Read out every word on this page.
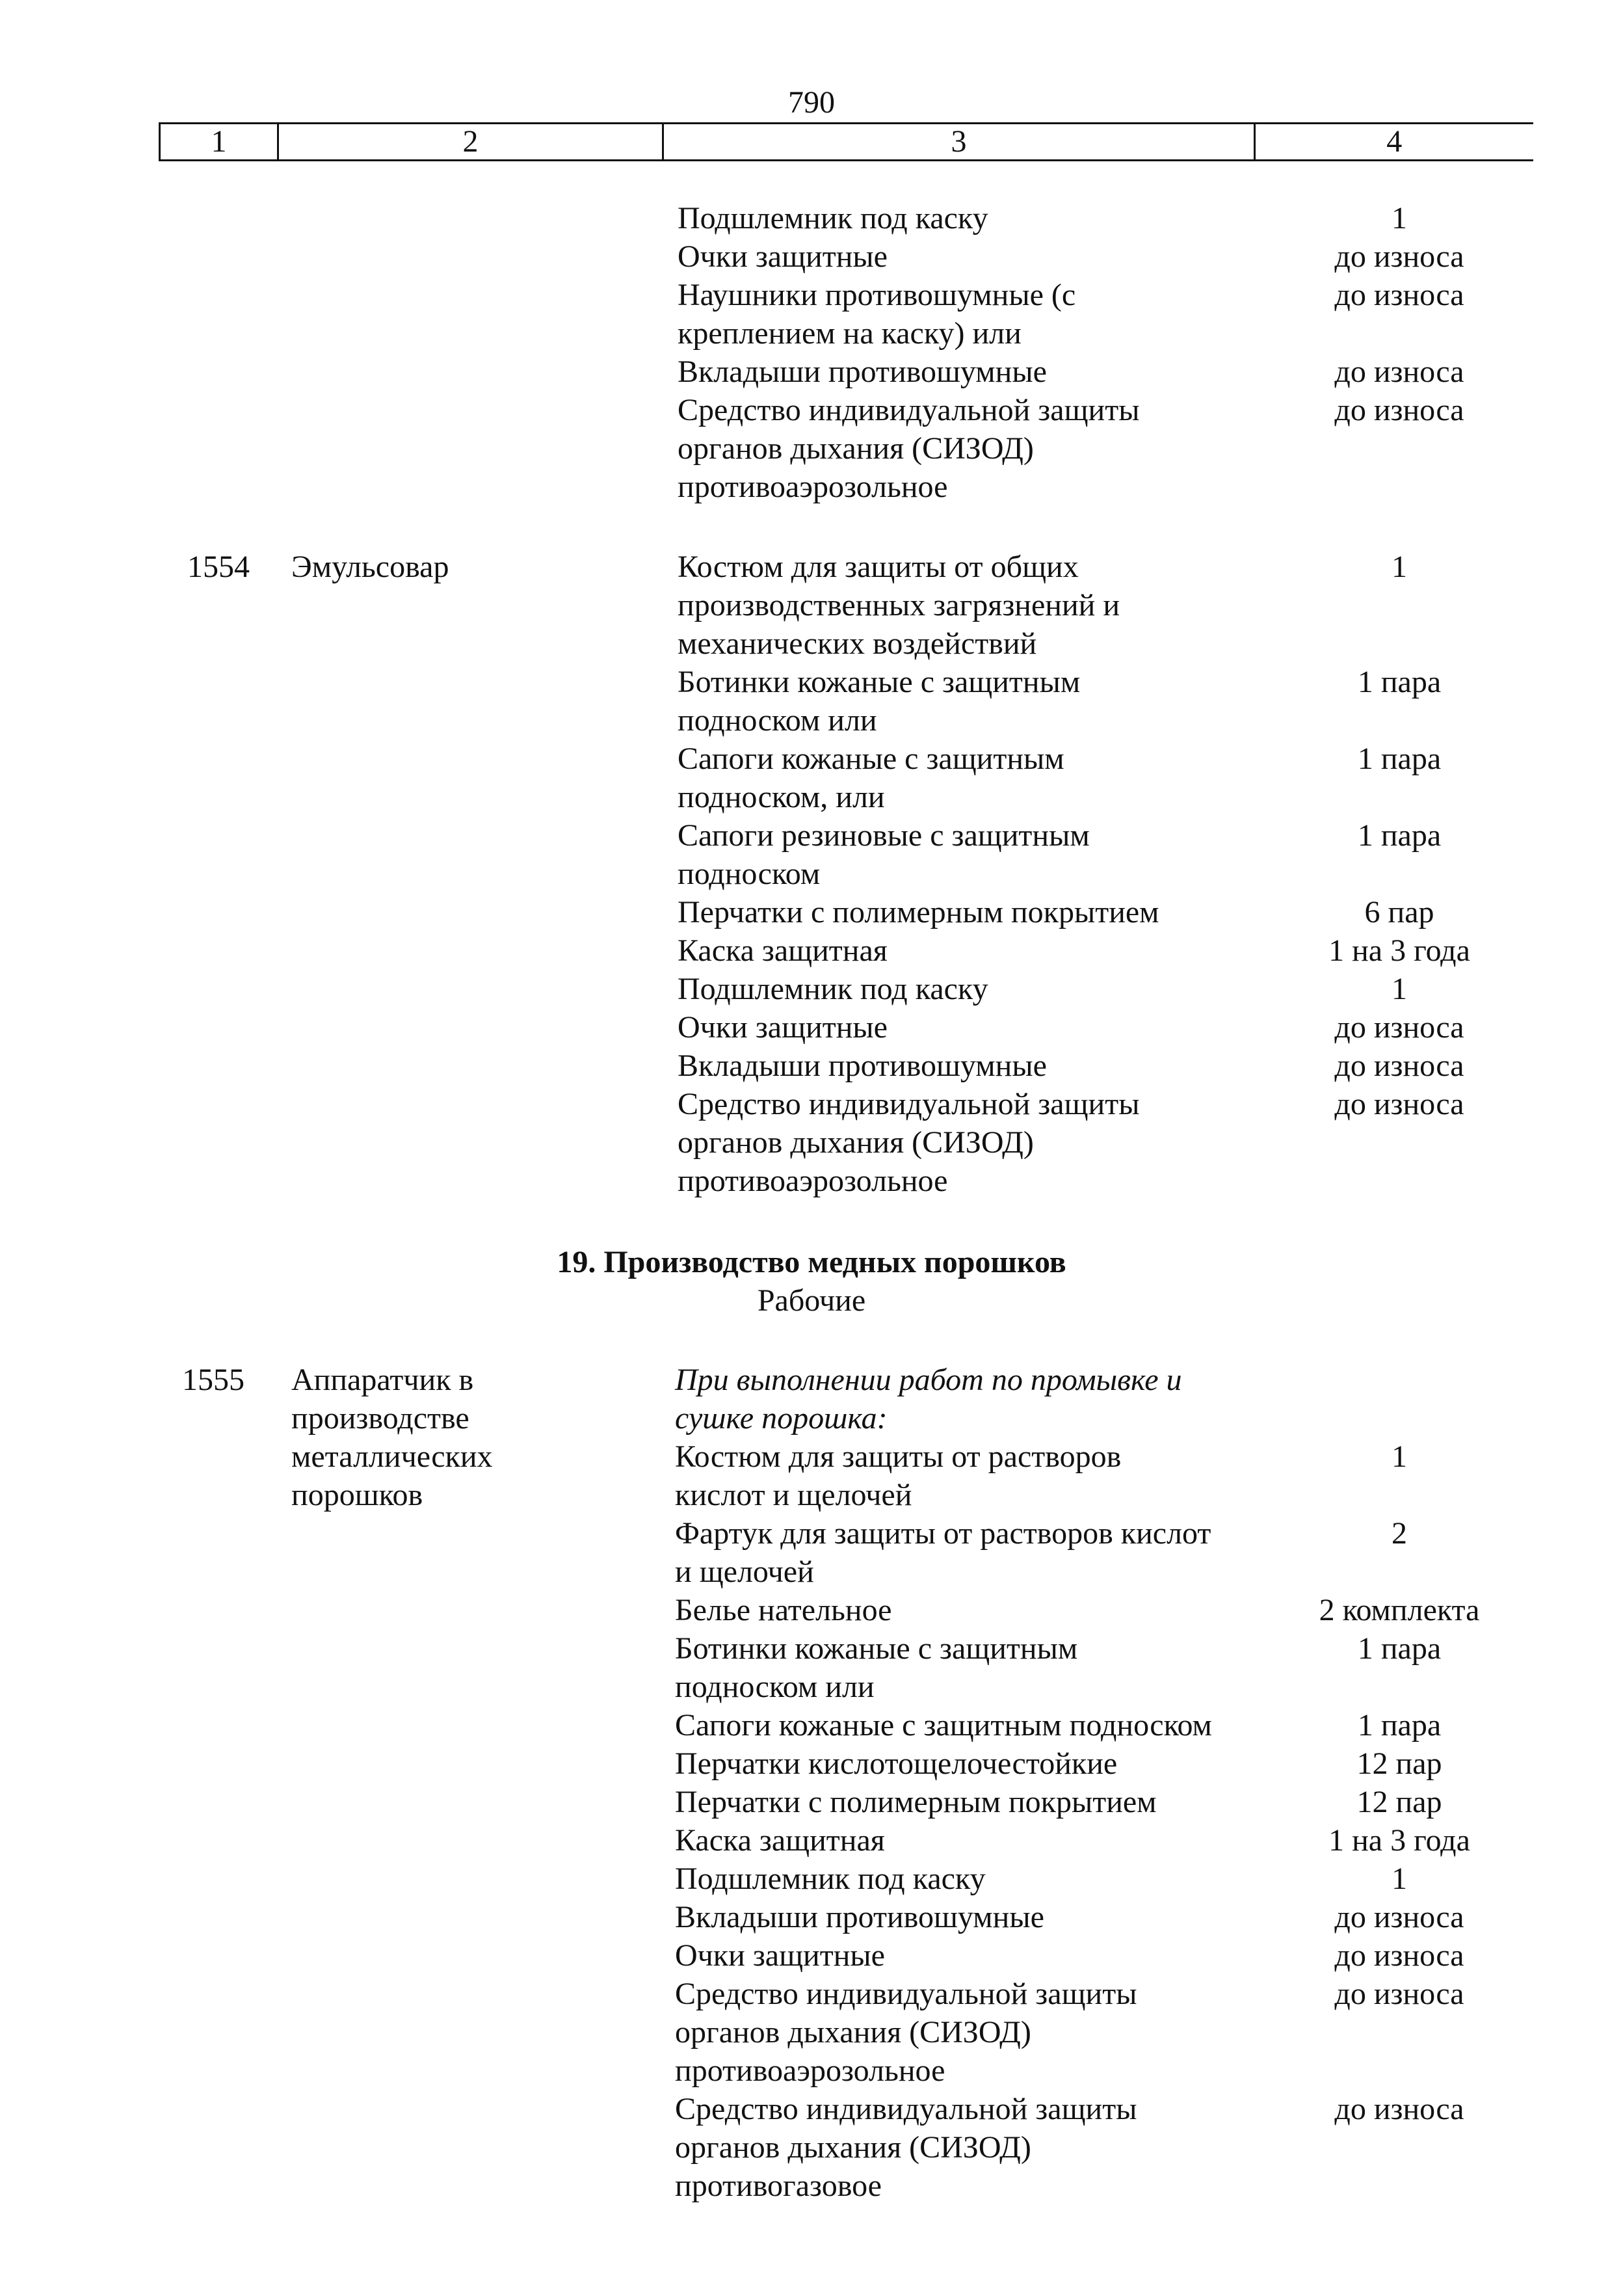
790
1	2	3	4
Подшлемник под каску	1
Очки защитные	до износа
Наушники противошумные (с	до износа
креплением на каску) или
Вкладыши противошумные	до износа
Средство индивидуальной защиты	до износа
органов дыхания (СИЗОД)
противоаэрозольное
1554 Эмульсовар	Костюм для защиты от общих	1
производственных загрязнений и
механических воздействий
Ботинки кожаные с защитным	1 пара
подноском или
Сапоги кожаные с защитным	1 пара
подноском, или
Сапоги резиновые с защитным	1 пара
подноском
Перчатки с полимерным покрытием	6 пар
Каска защитная	1 на 3 года
Подшлемник под каску	1
Очки защитные	до износа
Вкладыши противошумные	до износа
Средство индивидуальной защиты	до износа
органов дыхания (СИЗОД)
противоаэрозольное
19. Производство медных порошков
Рабочие
1555 Аппаратчик в
производстве
металлических
порошков
При выполнении работ по промывке и
сушке порошка:
Костюм для защиты от растворов	1
кислот и щелочей
Фартук для защиты от растворов кислот	2
и щелочей
Белье нательное	2 комплекта
Ботинки кожаные с защитным	1 пара
подноском или
Сапоги кожаные с защитным подноском	1 пара
Перчатки кислотощелочестойкие	12 пар
Перчатки с полимерным покрытием	12 пар
Каска защитная	1 на 3 года
Подшлемник под каску	1
Вкладыши противошумные	до износа
Очки защитные	до износа
Средство индивидуальной защиты	до износа
органов дыхания (СИЗОД)
противоаэрозольное
Средство индивидуальной защиты	до износа
органов дыхания (СИЗОД)
противогазовое
